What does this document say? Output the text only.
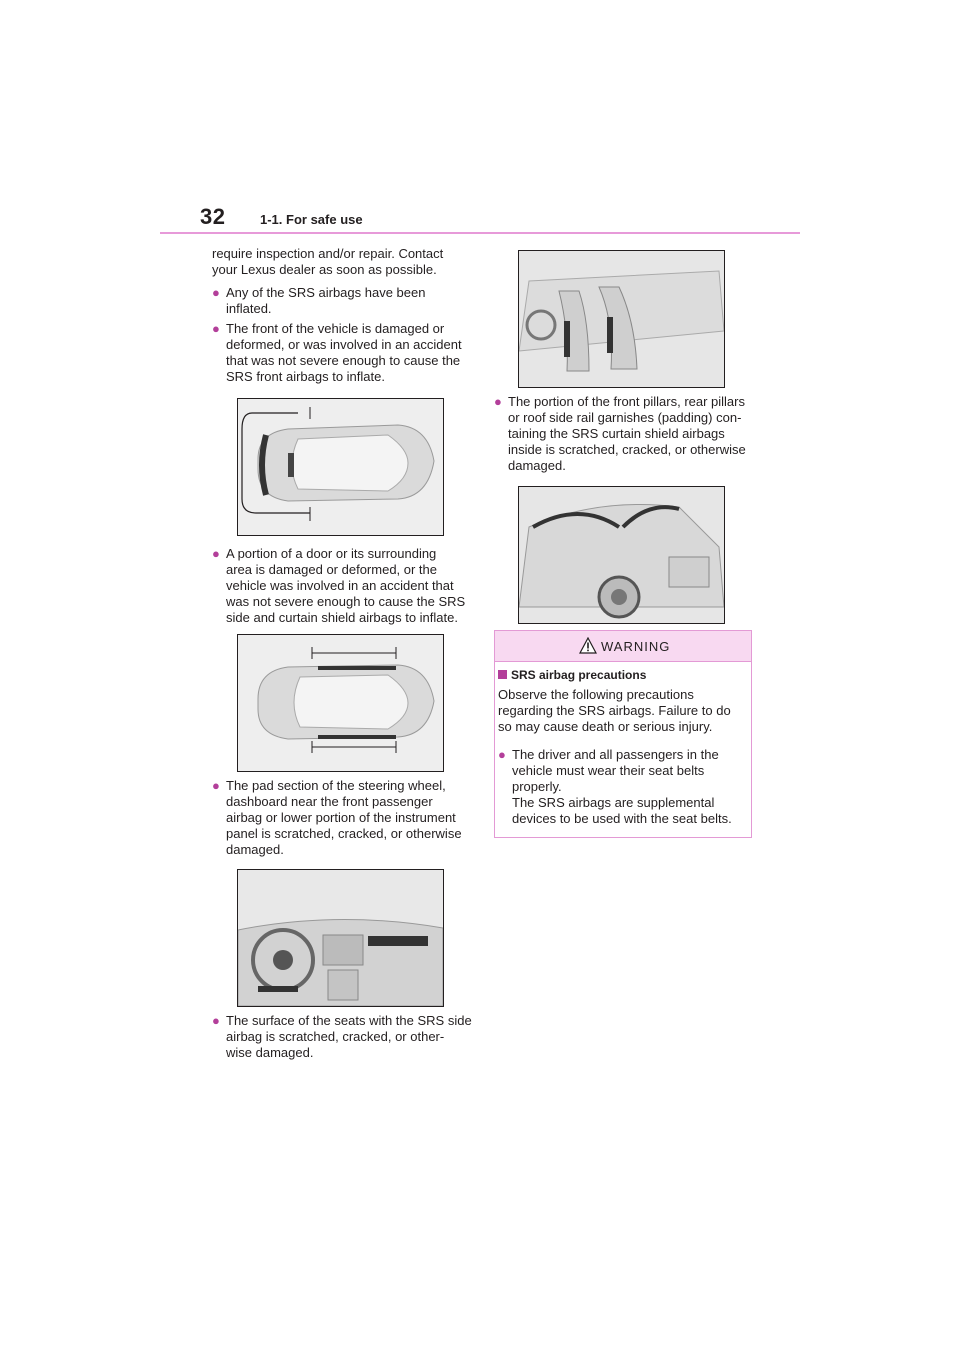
32	1-1. For safe use

require inspection and/or repair. Contact

your Lexus dealer as soon as possible.

● Any of the SRS airbags have been

inflated.

● The front of the vehicle is damaged or

deformed, or was involved in an accident

that was not severe enough to cause the

SRS front airbags to inflate.

● A portion of a door or its surrounding

area is damaged or deformed, or the

vehicle was involved in an accident that

was not severe enough to cause the SRS

side and curtain shield airbags to inflate.

● The pad section of the steering wheel,

dashboard near the front passenger

airbag or lower portion of the instrument

panel is scratched, cracked, or otherwise

damaged.

● The surface of the seats with the SRS side

airbag is scratched, cracked, or other-

wise damaged.

● The portion of the front pillars, rear pillars

or roof side rail garnishes (padding) con-

taining the SRS curtain shield airbags

inside is scratched, cracked, or otherwise

damaged.

WARNING
SRS airbag precautions

Observe the following precautions

regarding the SRS airbags. Failure to do

so may cause death or serious injury.

● The driver and all passengers in the

vehicle must wear their seat belts

properly.

The SRS airbags are supplemental

devices to be used with the seat belts.
